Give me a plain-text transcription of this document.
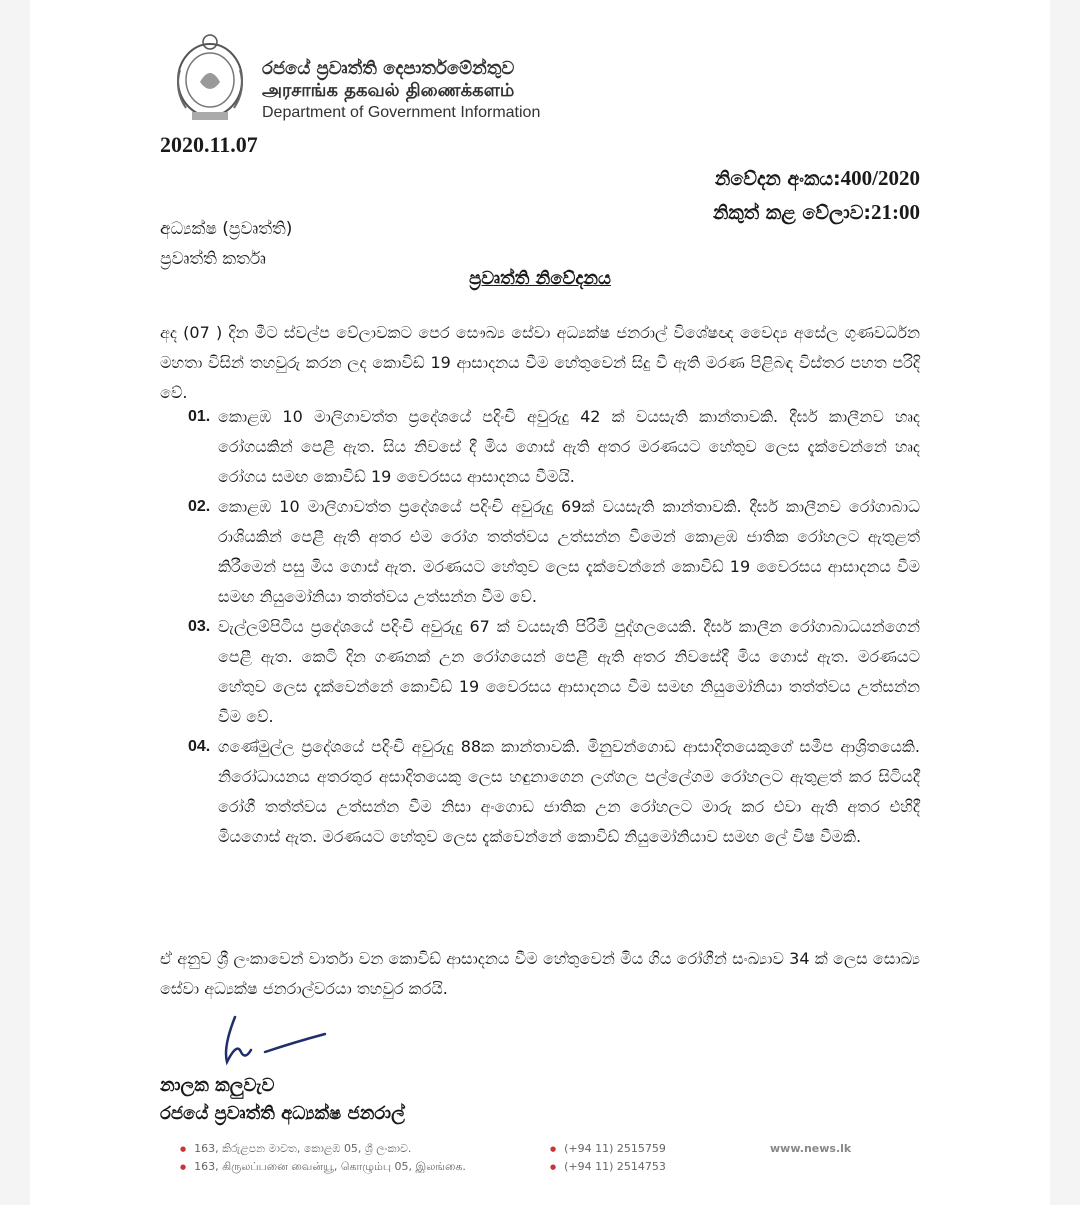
රජයේ ප්‍රවෘත්ති දෙපාර්තමේන්තුව
அரசாங்க தகவல் திணைக்களம்
Department of Government Information
2020.11.07
නිවේදන අංකය:400/2020
නිකුත් කළ වේලාව:21:00
අධ්‍යක්ෂ (ප්‍රවෘත්ති)
ප්‍රවෘත්ති කර්තෘ
ප්‍රවෘත්ති නිවේදනය
අද (07 ) දින මීට ස්වල්ප වේලාවකට පෙර සෞඛ්‍ය සේවා අධ්‍යක්ෂ ජනරාල් විශේෂඥ වෛද්‍ය අසේල ගුණවර්ධන මහතා විසින් තහවුරු කරන ලද කොවිඩ් 19 ආසාදනය වීම හේතුවෙන් සිදු වී ඇති මරණ පිළිබඳ විස්තර පහත පරිදි වේ.
01. කොළඹ 10 මාලිගාවත්ත ප්‍රදේශයේ පදිංචි අවුරුදු 42 ක් වයසැති කාන්තාවකි. දීර්ඝ කාලීනව හෘද රෝගයකින් පෙළී ඇත. සිය නිවසේ දී මිය ගොස් ඇති අතර මරණයට හේතුව ලෙස දැක්වෙන්නේ හෘද රෝගය සමඟ කොවිඩ් 19 වෛරසය ආසාදනය වීමයි.
02. කොළඹ 10 මාලිගාවත්ත ප්‍රදේශයේ පදිංචි අවුරුදු 69ක් වයසැති කාන්තාවකි. දීර්ඝ කාලීනව රෝගාබාධ රාශියකින් පෙළී ඇති අතර එම රෝග තත්ත්වය උත්සන්න වීමෙන් කොළඹ ජාතික රෝහලට ඇතුළත් කිරීමෙන් පසු මිය ගොස් ඇත. මරණයට හේතුව ලෙස දැක්වෙන්නේ කොවිඩ් 19 වෛරසය ආසාදනය වීම සමඟ නියුමෝනියා තත්ත්වය උත්සන්න වීම වේ.
03. වැල්ලම්පිටිය ප්‍රදේශයේ පදිංචි අවුරුදු 67 ක් වයසැති පිරිමි පුද්ගලයෙකි. දීර්ඝ කාලීන රෝගාබාධයන්ගෙන් පෙළී ඇත. කෙටි දින ගණනක් උන රෝගයෙන් පෙළී ඇති අතර නිවසේදී මිය ගොස් ඇත. මරණයට හේතුව ලෙස දැක්වෙන්නේ කොවිඩ් 19 වෛරසය ආසාදනය වීම සමඟ නියුමෝනියා තත්ත්වය උත්සන්න වීම වේ.
04. ගණේමුල්ල ප්‍රදේශයේ පදිංචි අවුරුදු 88ක කාන්තාවකි. මිනුවන්ගොඩ ආසාදිතයෙකුගේ සමීප ආශ්‍රිතයෙකි. නිරෝධායනය අතරතුර අසාදිතයෙකු ලෙස හඳුනාගෙන ලග්ගල පල්ලේගම රෝහලට ඇතුළත් කර සිටියදී රෝගී තත්ත්වය උත්සන්න වීම නිසා අංගොඩ ජාතික උන රෝහලට මාරු කර එවා ඇති අතර එහිදී මියගොස් ඇත. මරණයට හේතුව ලෙස දැක්වෙන්නේ කොවිඩ් නියුමෝනියාව සමඟ ලේ විෂ වීමකි.
ඒ අනුව ශ්‍රී ලංකාවෙන් වාර්තා වන කොවිඩ් ආසාදනය වීම හේතුවෙන් මිය ගිය රෝගීන් සංඛ්‍යාව 34 ක් ලෙස සොඛ්‍ය සේවා අධ්‍යක්ෂ ජනරාල්වරයා තහවුර කරයි.
නාලක කලුවැව
රජයේ ප්‍රවෘත්ති අධ්‍යක්ෂ ජනරාල්
● 163, කිරුළපන මාවත, කොළඹ 05, ශ්‍රී ලංකාව.
● 163, கிருலப்பனை வைன்யூ, கொழும்பு 05, இலங்கை.
● (+94 11) 2515759
● (+94 11) 2514753
www.news.lk
